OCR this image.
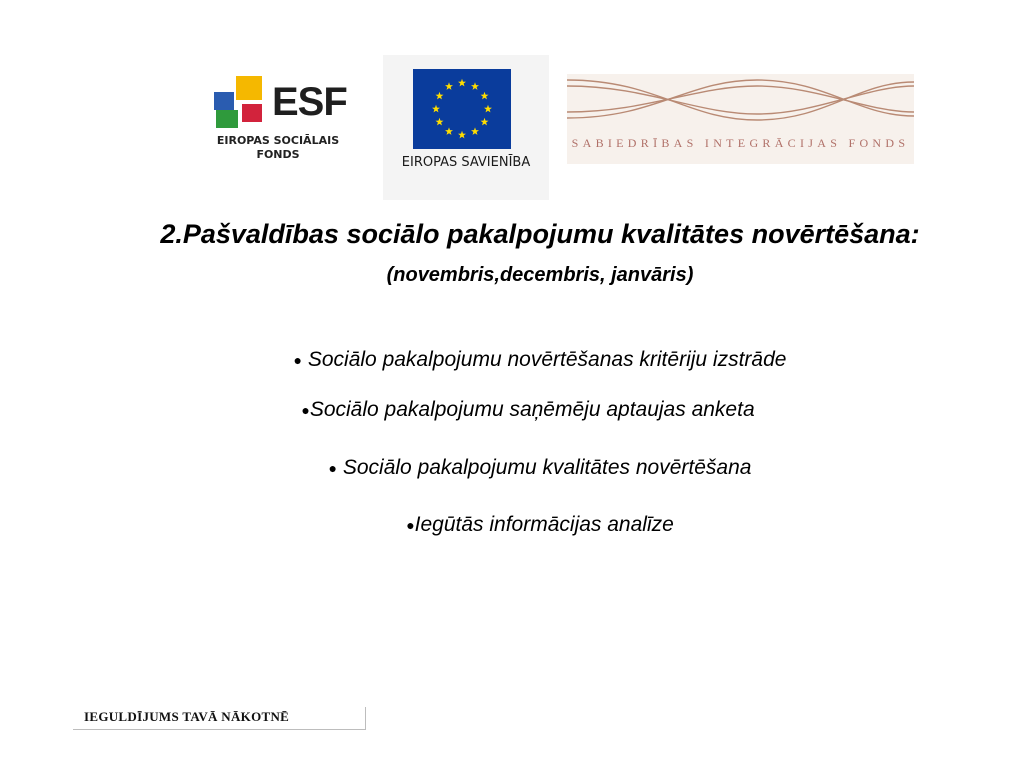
ESF
EIROPAS SOCIĀLAIS
FONDS
EIROPAS SAVIENĪBA
SABIEDRĪBAS INTEGRĀCIJAS FONDS
2.Pašvaldības sociālo pakalpojumu kvalitātes novērtēšana:
(novembris,decembris, janvāris)
● Sociālo pakalpojumu novērtēšanas kritēriju izstrāde
●Sociālo pakalpojumu saņēmēju aptaujas anketa
● Sociālo pakalpojumu kvalitātes novērtēšana
●Iegūtās informācijas analīze
IEGULDĪJUMS TAVĀ NĀKOTNĒ
